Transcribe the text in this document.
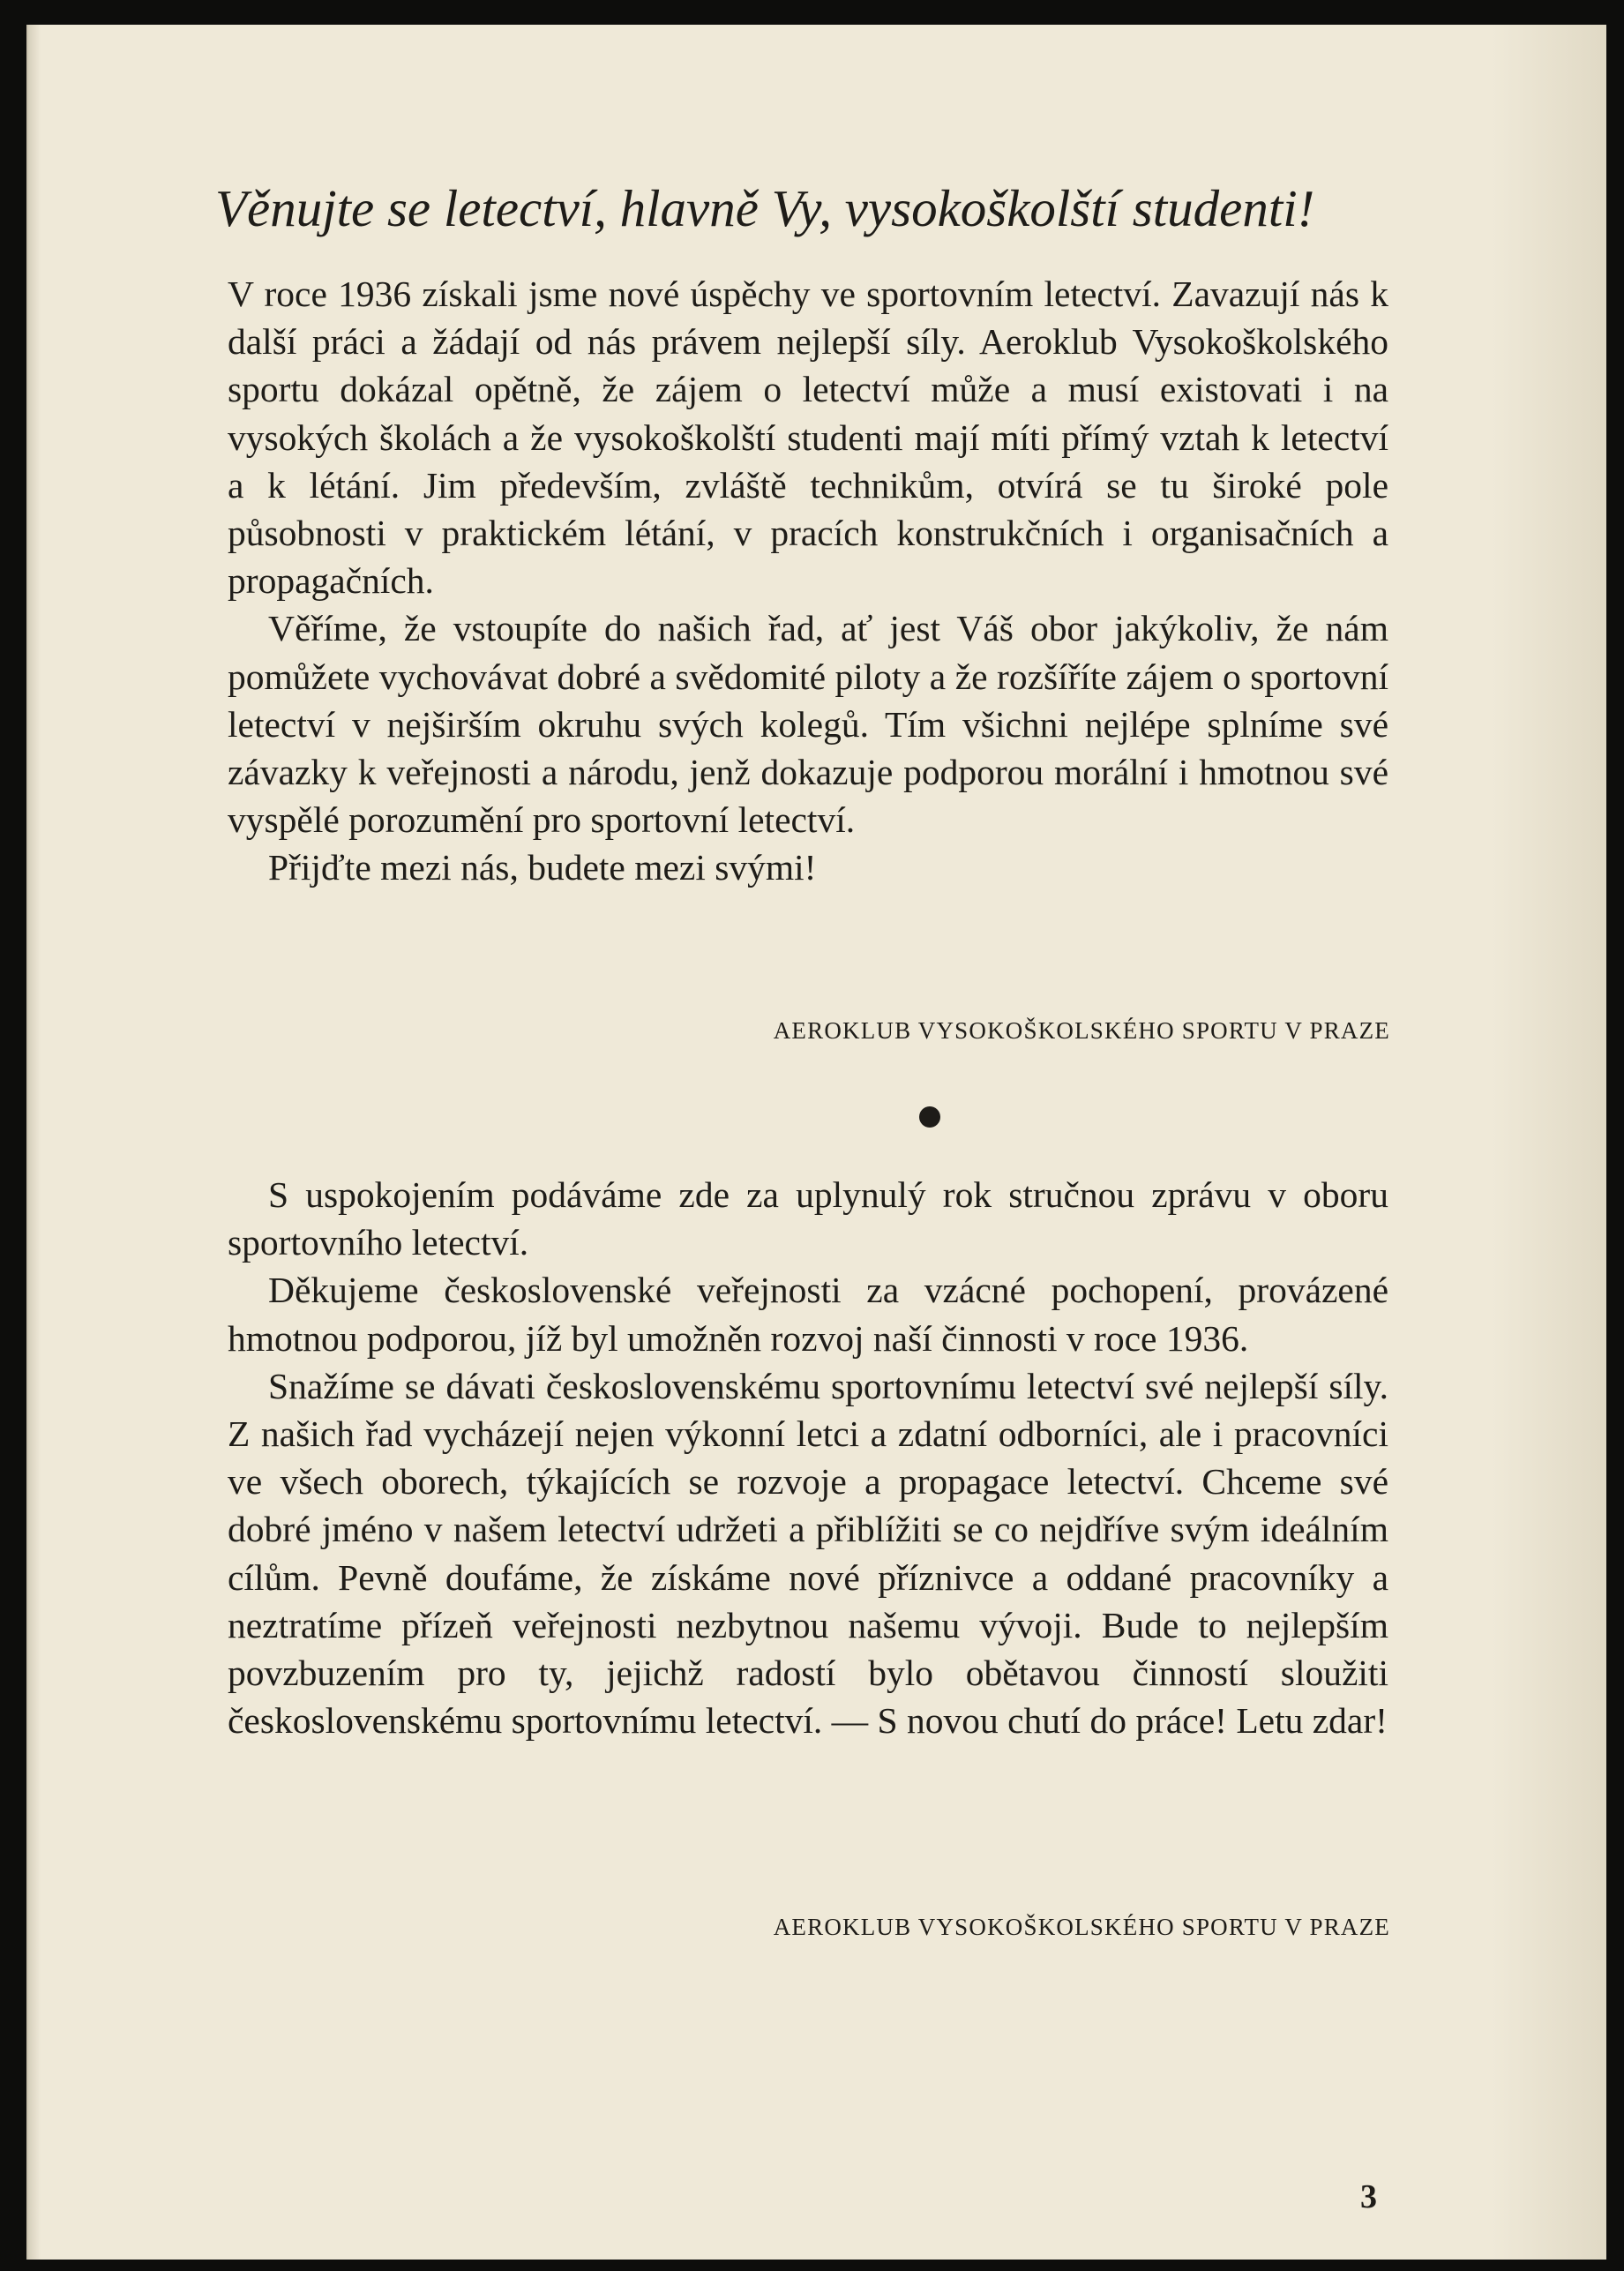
Věnujte se letectví, hlavně Vy, vysokoškolští studenti!

V roce 1936 získali jsme nové úspěchy ve sportovním letectví. Zavazují nás k další práci a žádají od nás právem nejlepší síly. Aeroklub Vysokoškolského sportu dokázal opětně, že zájem o letectví může a musí existovati i na vysokých školách a že vysokoškolští studenti mají míti přímý vztah k letectví a k létání. Jim především, zvláště technikům, otvírá se tu široké pole působnosti v praktickém létání, v pracích konstrukčních i organisačních a propagačních.

Věříme, že vstoupíte do našich řad, ať jest Váš obor jakýkoliv, že nám pomůžete vychovávat dobré a svědomité piloty a že rozšíříte zájem o sportovní letectví v nejširším okruhu svých kolegů. Tím všichni nejlépe splníme své závazky k veřejnosti a národu, jenž dokazuje podporou morální i hmotnou své vyspělé porozumění pro sportovní letectví.

Přijďte mezi nás, budete mezi svými!

AEROKLUB VYSOKOŠKOLSKÉHO SPORTU V PRAZE

S uspokojením podáváme zde za uplynulý rok stručnou zprávu v oboru sportovního letectví.

Děkujeme československé veřejnosti za vzácné pochopení, provázené hmotnou podporou, jíž byl umožněn rozvoj naší činnosti v roce 1936.

Snažíme se dávati československému sportovnímu letectví své nejlepší síly. Z našich řad vycházejí nejen výkonní letci a zdatní odborníci, ale i pracovníci ve všech oborech, týkajících se rozvoje a propagace letectví. Chceme své dobré jméno v našem letectví udržeti a přiblížiti se co nejdříve svým ideálním cílům. Pevně doufáme, že získáme nové příznivce a oddané pracovníky a neztratíme přízeň veřejnosti nezbytnou našemu vývoji. Bude to nejlepším povzbuzením pro ty, jejichž radostí bylo obětavou činností sloužiti československému sportovnímu letectví. — S novou chutí do práce! Letu zdar!

AEROKLUB VYSOKOŠKOLSKÉHO SPORTU V PRAZE
3
